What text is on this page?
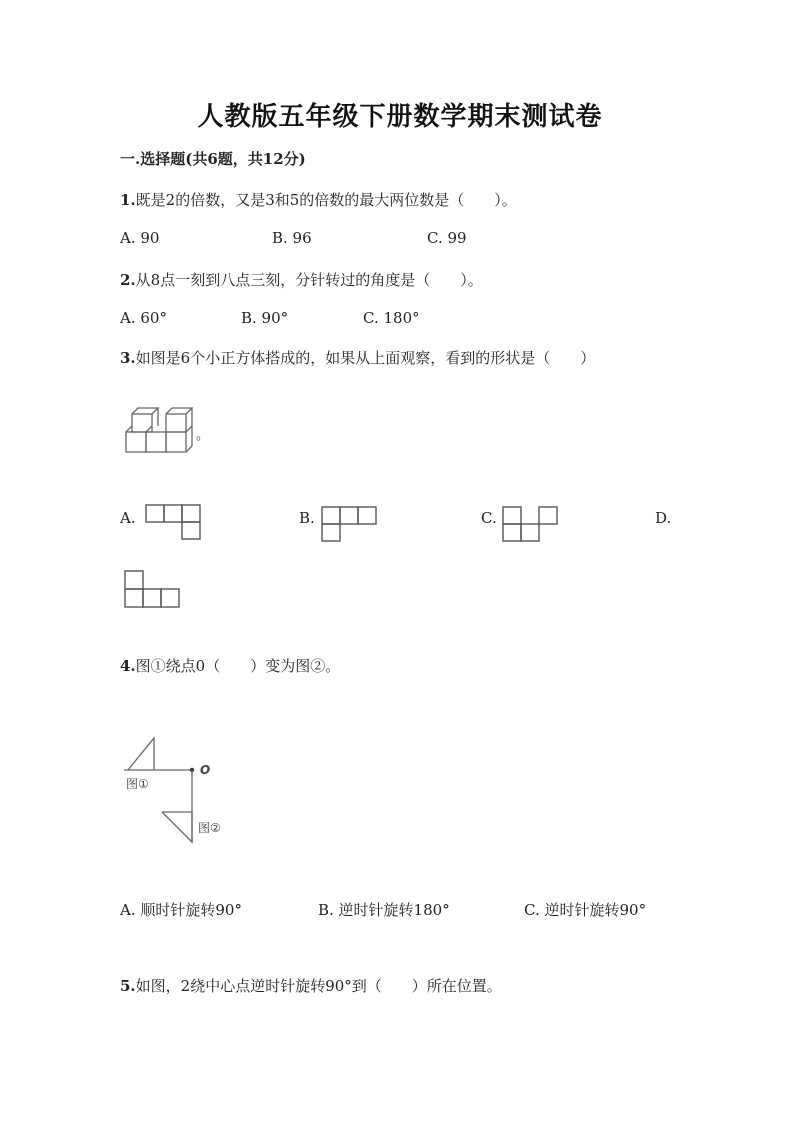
人教版五年级下册数学期末测试卷
一.选择题(共6题，共12分)
1.既是2的倍数，又是3和5的倍数的最大两位数是（　　）。
A. 90	B. 96	C. 99
2.从8点一刻到八点三刻，分针转过的角度是（　　）。
A. 60°	B. 90°	C. 180°
3.如图是6个小正方体搭成的，如果从上面观察，看到的形状是（　　）
。
A.	B.	C.	D.
4.图①绕点0（　　）变为图②。
O
图①
图②
A. 顺时针旋转90°	B. 逆时针旋转180°	C. 逆时针旋转90°
5.如图，2绕中心点逆时针旋转90°到（　　）所在位置。
